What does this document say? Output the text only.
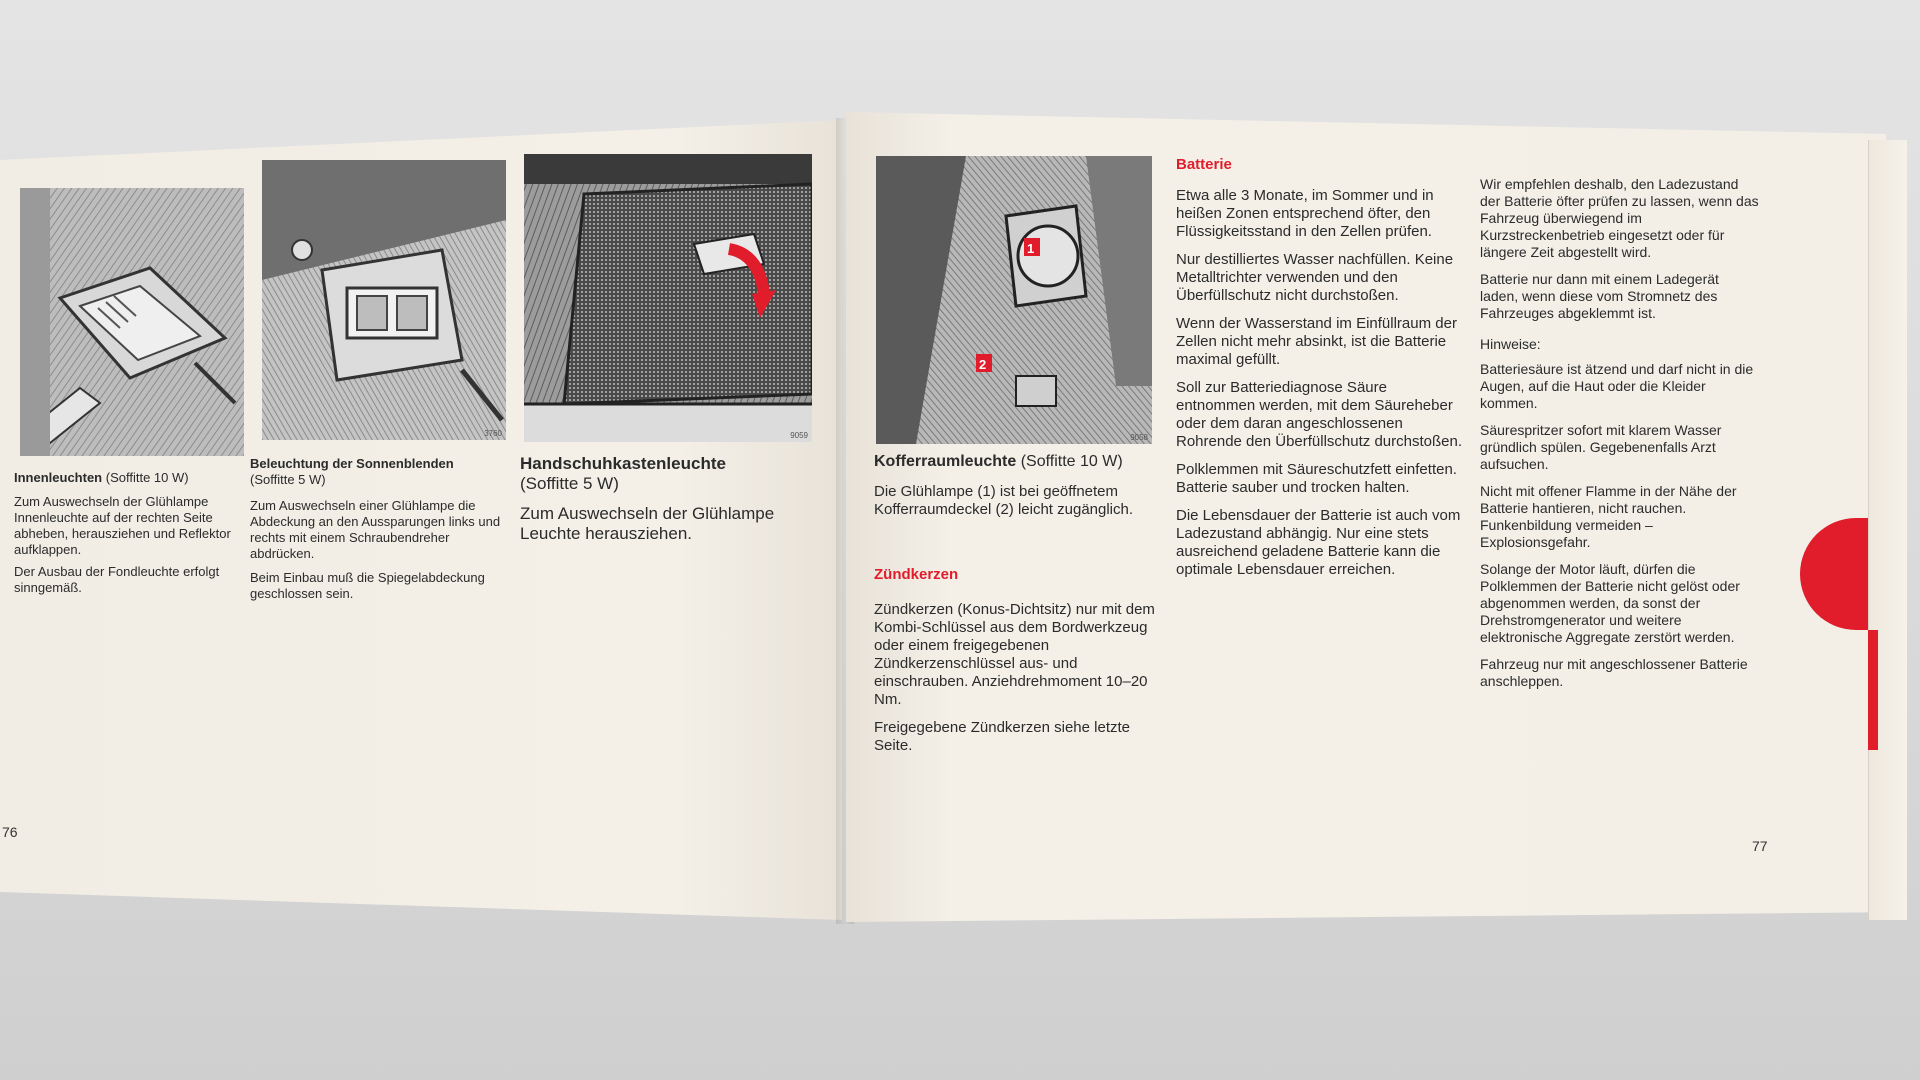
3760	9059
Innenleuchten (Soffitte 10 W)
Zum Auswechseln der Glühlampe Innenleuchte auf der rechten Seite abheben, herausziehen und Reflektor aufklappen.
Der Ausbau der Fondleuchte erfolgt sinngemäß.
Beleuchtung der Sonnenblenden
(Soffitte 5 W)
Zum Auswechseln einer Glühlampe die Abdeckung an den Aussparungen links und rechts mit einem Schraubendreher abdrücken.
Beim Einbau muß die Spiegelabdeckung geschlossen sein.
Handschuhkastenleuchte
(Soffitte 5 W)
Zum Auswechseln der Glühlampe Leuchte herausziehen.
76
1
2
9058
Kofferraumleuchte (Soffitte 10 W)
Die Glühlampe (1) ist bei geöffnetem Kofferraumdeckel (2) leicht zugänglich.
Zündkerzen

Zündkerzen (Konus-Dichtsitz) nur mit dem Kombi-Schlüssel aus dem Bordwerkzeug oder einem freigegebenen Zündkerzenschlüssel aus- und einschrauben. Anziehdrehmoment 10–20 Nm.

Freigegebene Zündkerzen siehe letzte Seite.

Batterie

Etwa alle 3 Monate, im Sommer und in heißen Zonen entsprechend öfter, den Flüssigkeitsstand in den Zellen prüfen.

Nur destilliertes Wasser nachfüllen. Keine Metalltrichter verwenden und den Überfüllschutz nicht durchstoßen.

Wenn der Wasserstand im Einfüllraum der Zellen nicht mehr absinkt, ist die Batterie maximal gefüllt.

Soll zur Batteriediagnose Säure entnommen werden, mit dem Säureheber oder dem daran angeschlossenen Rohrende den Überfüllschutz durchstoßen.

Polklemmen mit Säureschutzfett einfetten. Batterie sauber und trocken halten.

Die Lebensdauer der Batterie ist auch vom Ladezustand abhängig. Nur eine stets ausreichend geladene Batterie kann die optimale Lebensdauer erreichen.

Wir empfehlen deshalb, den Ladezustand der Batterie öfter prüfen zu lassen, wenn das Fahrzeug überwiegend im Kurzstreckenbetrieb eingesetzt oder für längere Zeit abgestellt wird.

Batterie nur dann mit einem Ladegerät laden, wenn diese vom Stromnetz des Fahrzeuges abgeklemmt ist.

Hinweise:

Batteriesäure ist ätzend und darf nicht in die Augen, auf die Haut oder die Kleider kommen.

Säurespritzer sofort mit klarem Wasser gründlich spülen. Gegebenenfalls Arzt aufsuchen.

Nicht mit offener Flamme in der Nähe der Batterie hantieren, nicht rauchen. Funkenbildung vermeiden – Explosionsgefahr.

Solange der Motor läuft, dürfen die Polklemmen der Batterie nicht gelöst oder abgenommen werden, da sonst der Drehstromgenerator und weitere elektronische Aggregate zerstört werden.

Fahrzeug nur mit angeschlossener Batterie anschleppen.

77
